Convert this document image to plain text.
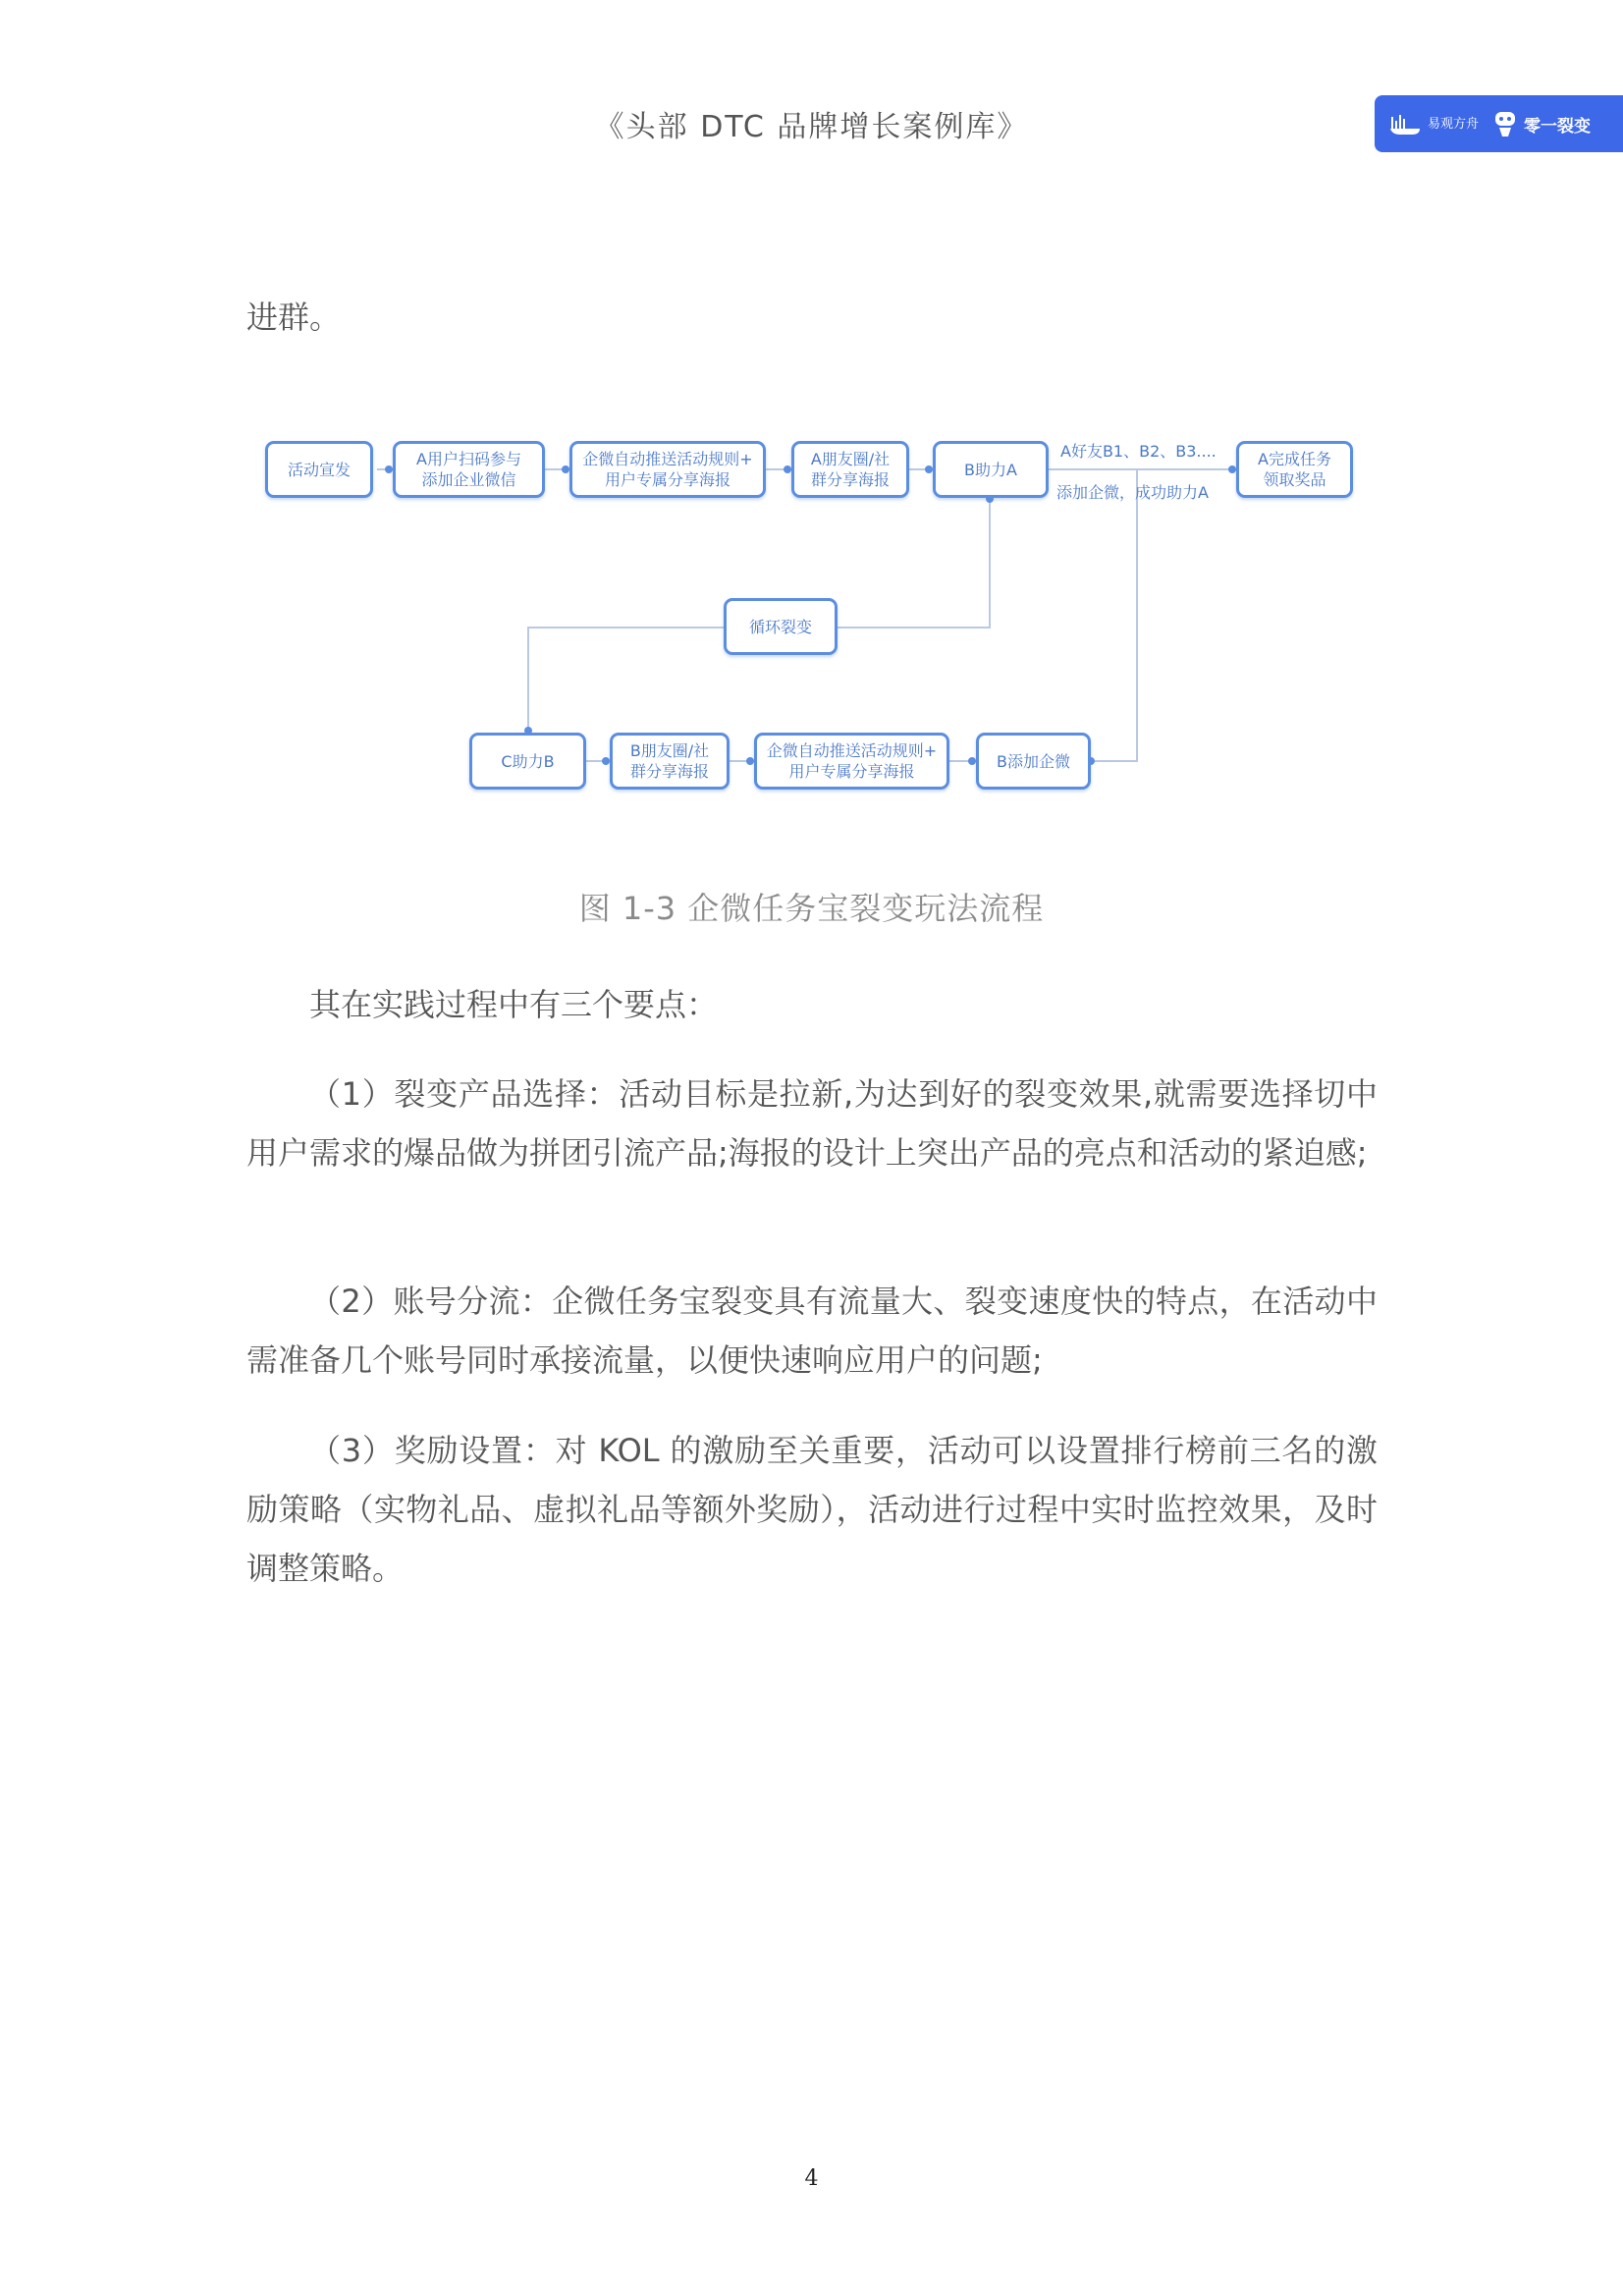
《头部 DTC 品牌增长案例库》	易观方舟	零一裂变

进群。

活动宣发
A用户扫码参与
添加企业微信
企微自动推送活动规则+
用户专属分享海报
A朋友圈/社
群分享海报
B助力A
A完成任务
领取奖品
A好友B1、B2、B3....
添加企微，成功助力A
循环裂变
C助力B
B朋友圈/社
群分享海报
企微自动推送活动规则+
用户专属分享海报
B添加企微
图 1-3 企微任务宝裂变玩法流程

其在实践过程中有三个要点：

（1）裂变产品选择：活动目标是拉新,为达到好的裂变效果,就需要选择切中用户需求的爆品做为拼团引流产品;海报的设计上突出产品的亮点和活动的紧迫感;

（2）账号分流：企微任务宝裂变具有流量大、裂变速度快的特点，在活动中需准备几个账号同时承接流量，以便快速响应用户的问题;

（3）奖励设置：对 KOL 的激励至关重要，活动可以设置排行榜前三名的激励策略（实物礼品、虚拟礼品等额外奖励），活动进行过程中实时监控效果，及时调整策略。

4
